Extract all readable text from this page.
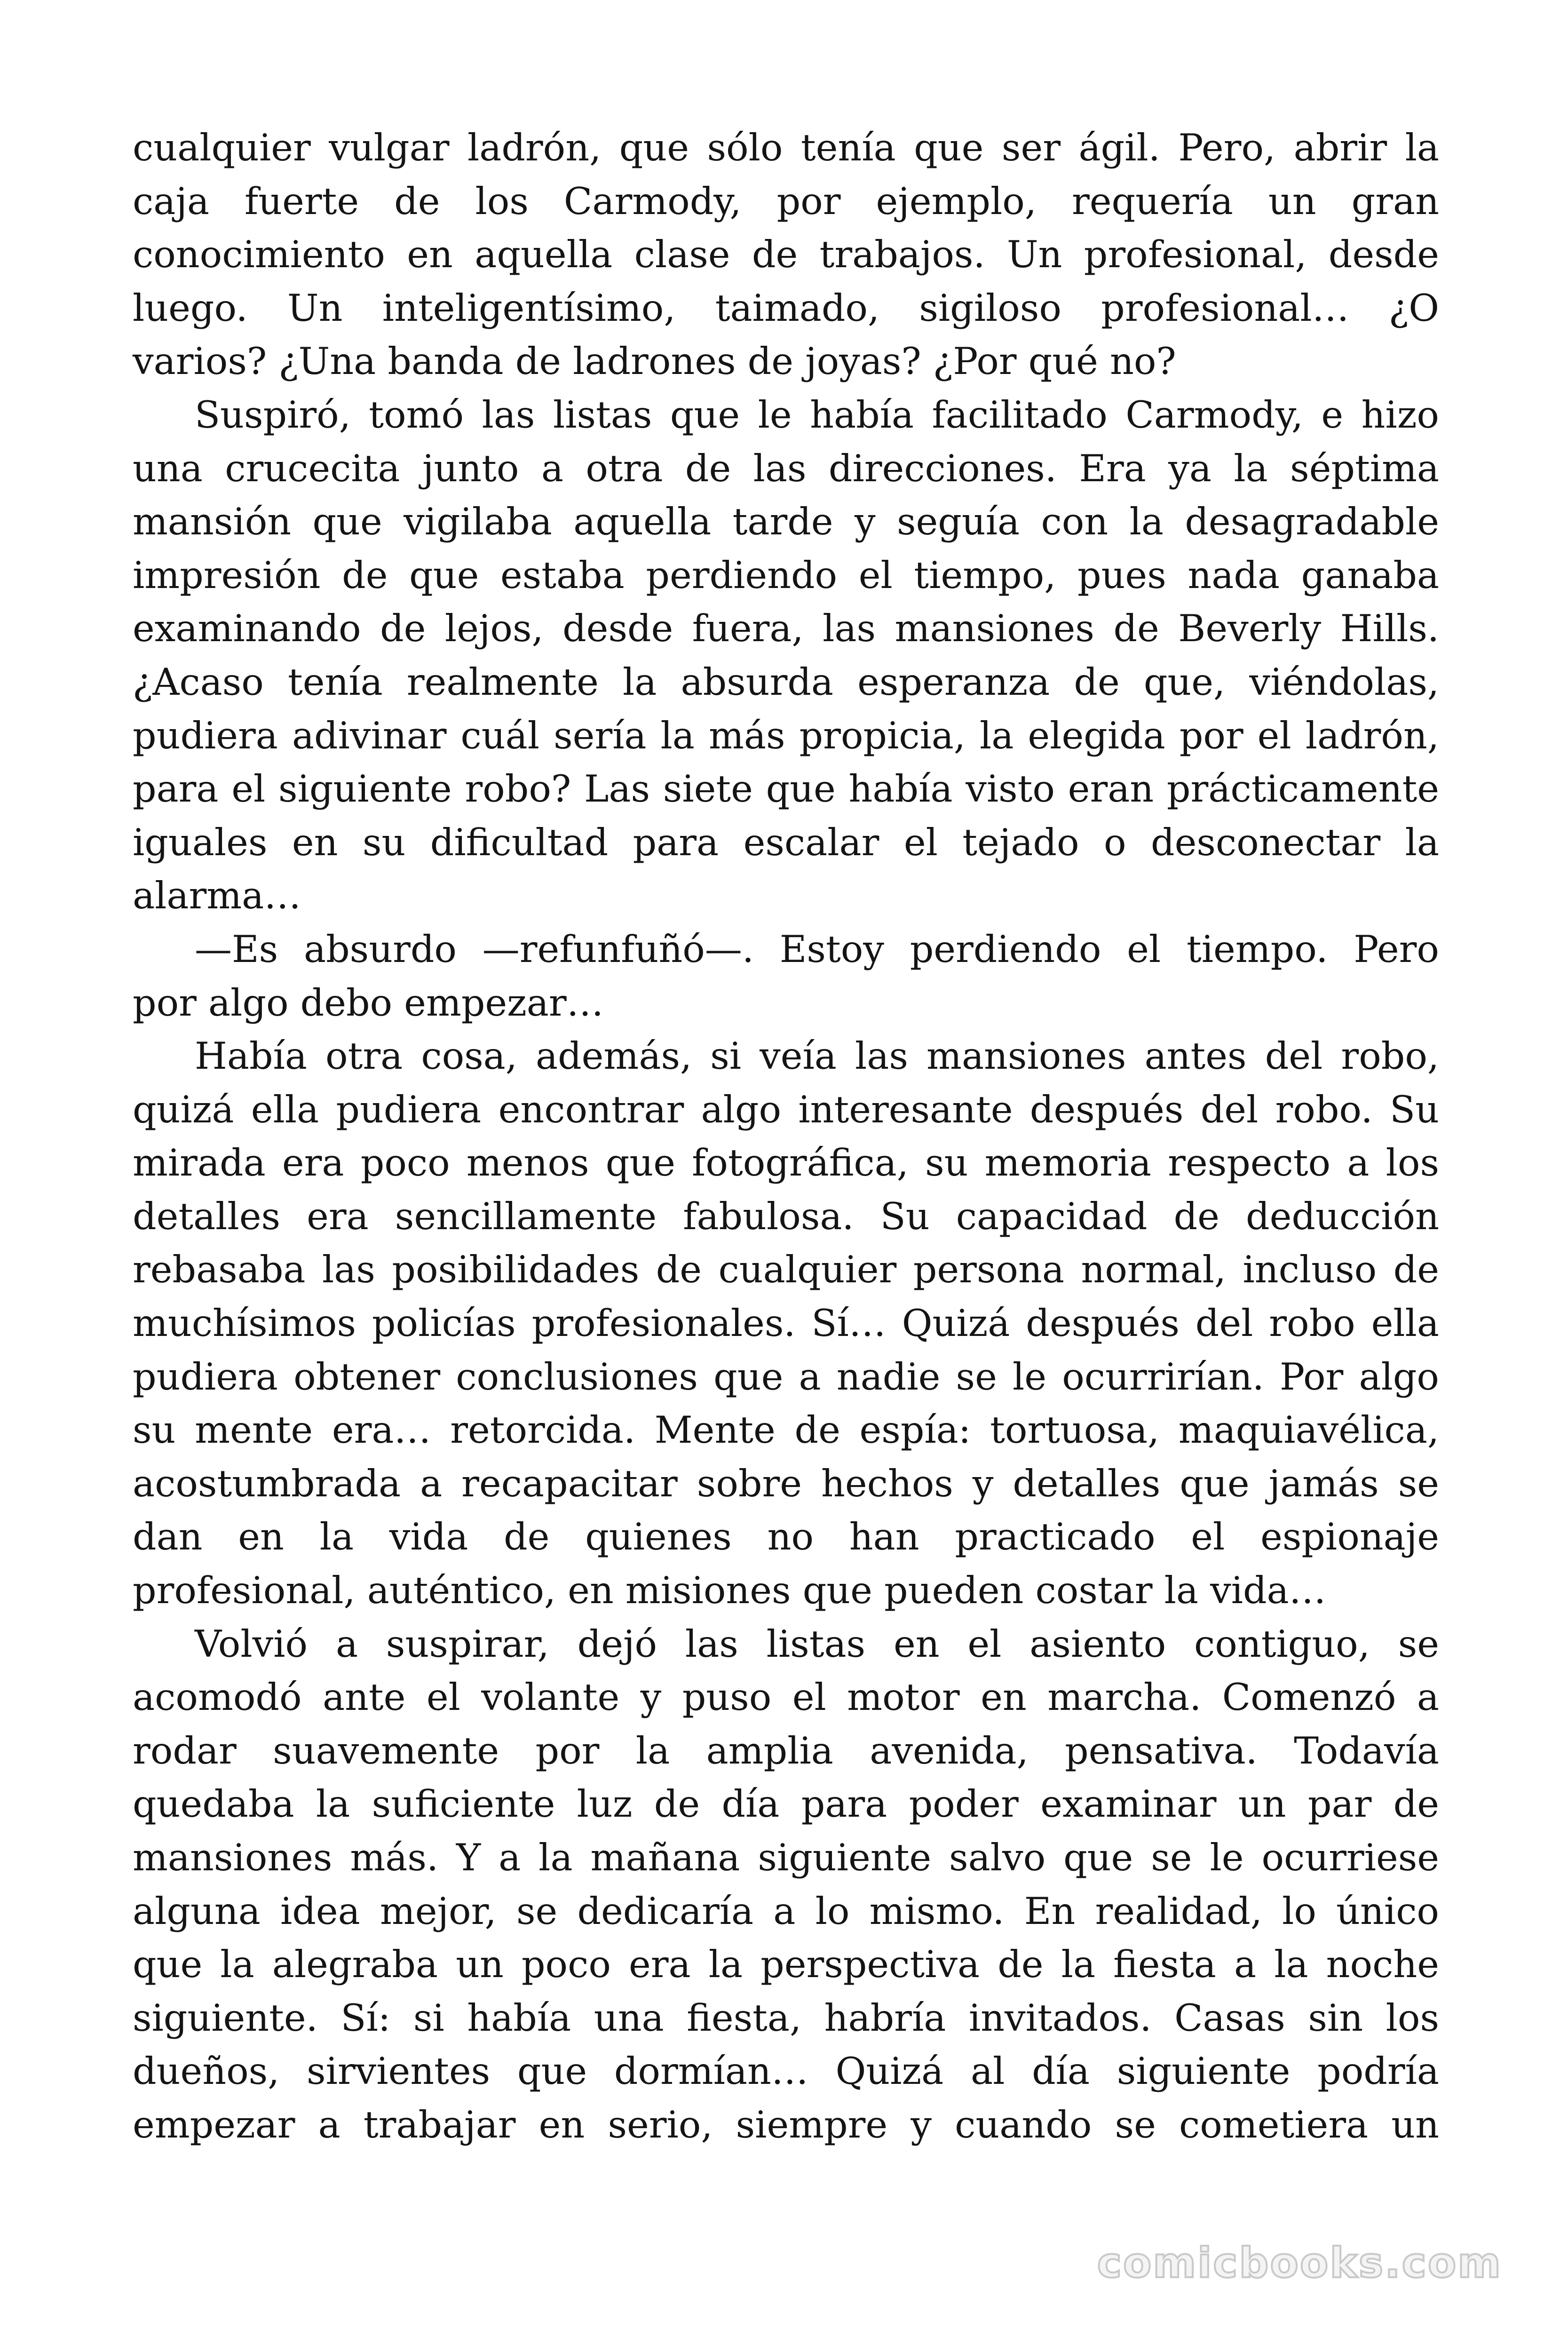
cualquier vulgar ladrón, que sólo tenía que ser ágil. Pero, abrir la
caja fuerte de los Carmody, por ejemplo, requería un gran
conocimiento en aquella clase de trabajos. Un profesional, desde
luego. Un inteligentísimo, taimado, sigiloso profesional… ¿O
varios? ¿Una banda de ladrones de joyas? ¿Por qué no?
Suspiró, tomó las listas que le había facilitado Carmody, e hizo
una crucecita junto a otra de las direcciones. Era ya la séptima
mansión que vigilaba aquella tarde y seguía con la desagradable
impresión de que estaba perdiendo el tiempo, pues nada ganaba
examinando de lejos, desde fuera, las mansiones de Beverly Hills.
¿Acaso tenía realmente la absurda esperanza de que, viéndolas,
pudiera adivinar cuál sería la más propicia, la elegida por el ladrón,
para el siguiente robo? Las siete que había visto eran prácticamente
iguales en su dificultad para escalar el tejado o desconectar la
alarma…
—Es absurdo —refunfuñó—. Estoy perdiendo el tiempo. Pero
por algo debo empezar…
Había otra cosa, además, si veía las mansiones antes del robo,
quizá ella pudiera encontrar algo interesante después del robo. Su
mirada era poco menos que fotográfica, su memoria respecto a los
detalles era sencillamente fabulosa. Su capacidad de deducción
rebasaba las posibilidades de cualquier persona normal, incluso de
muchísimos policías profesionales. Sí… Quizá después del robo ella
pudiera obtener conclusiones que a nadie se le ocurrirían. Por algo
su mente era… retorcida. Mente de espía: tortuosa, maquiavélica,
acostumbrada a recapacitar sobre hechos y detalles que jamás se
dan en la vida de quienes no han practicado el espionaje
profesional, auténtico, en misiones que pueden costar la vida…
Volvió a suspirar, dejó las listas en el asiento contiguo, se
acomodó ante el volante y puso el motor en marcha. Comenzó a
rodar suavemente por la amplia avenida, pensativa. Todavía
quedaba la suficiente luz de día para poder examinar un par de
mansiones más. Y a la mañana siguiente salvo que se le ocurriese
alguna idea mejor, se dedicaría a lo mismo. En realidad, lo único
que la alegraba un poco era la perspectiva de la fiesta a la noche
siguiente. Sí: si había una fiesta, habría invitados. Casas sin los
dueños, sirvientes que dormían… Quizá al día siguiente podría
empezar a trabajar en serio, siempre y cuando se cometiera un
comicbooks.com
